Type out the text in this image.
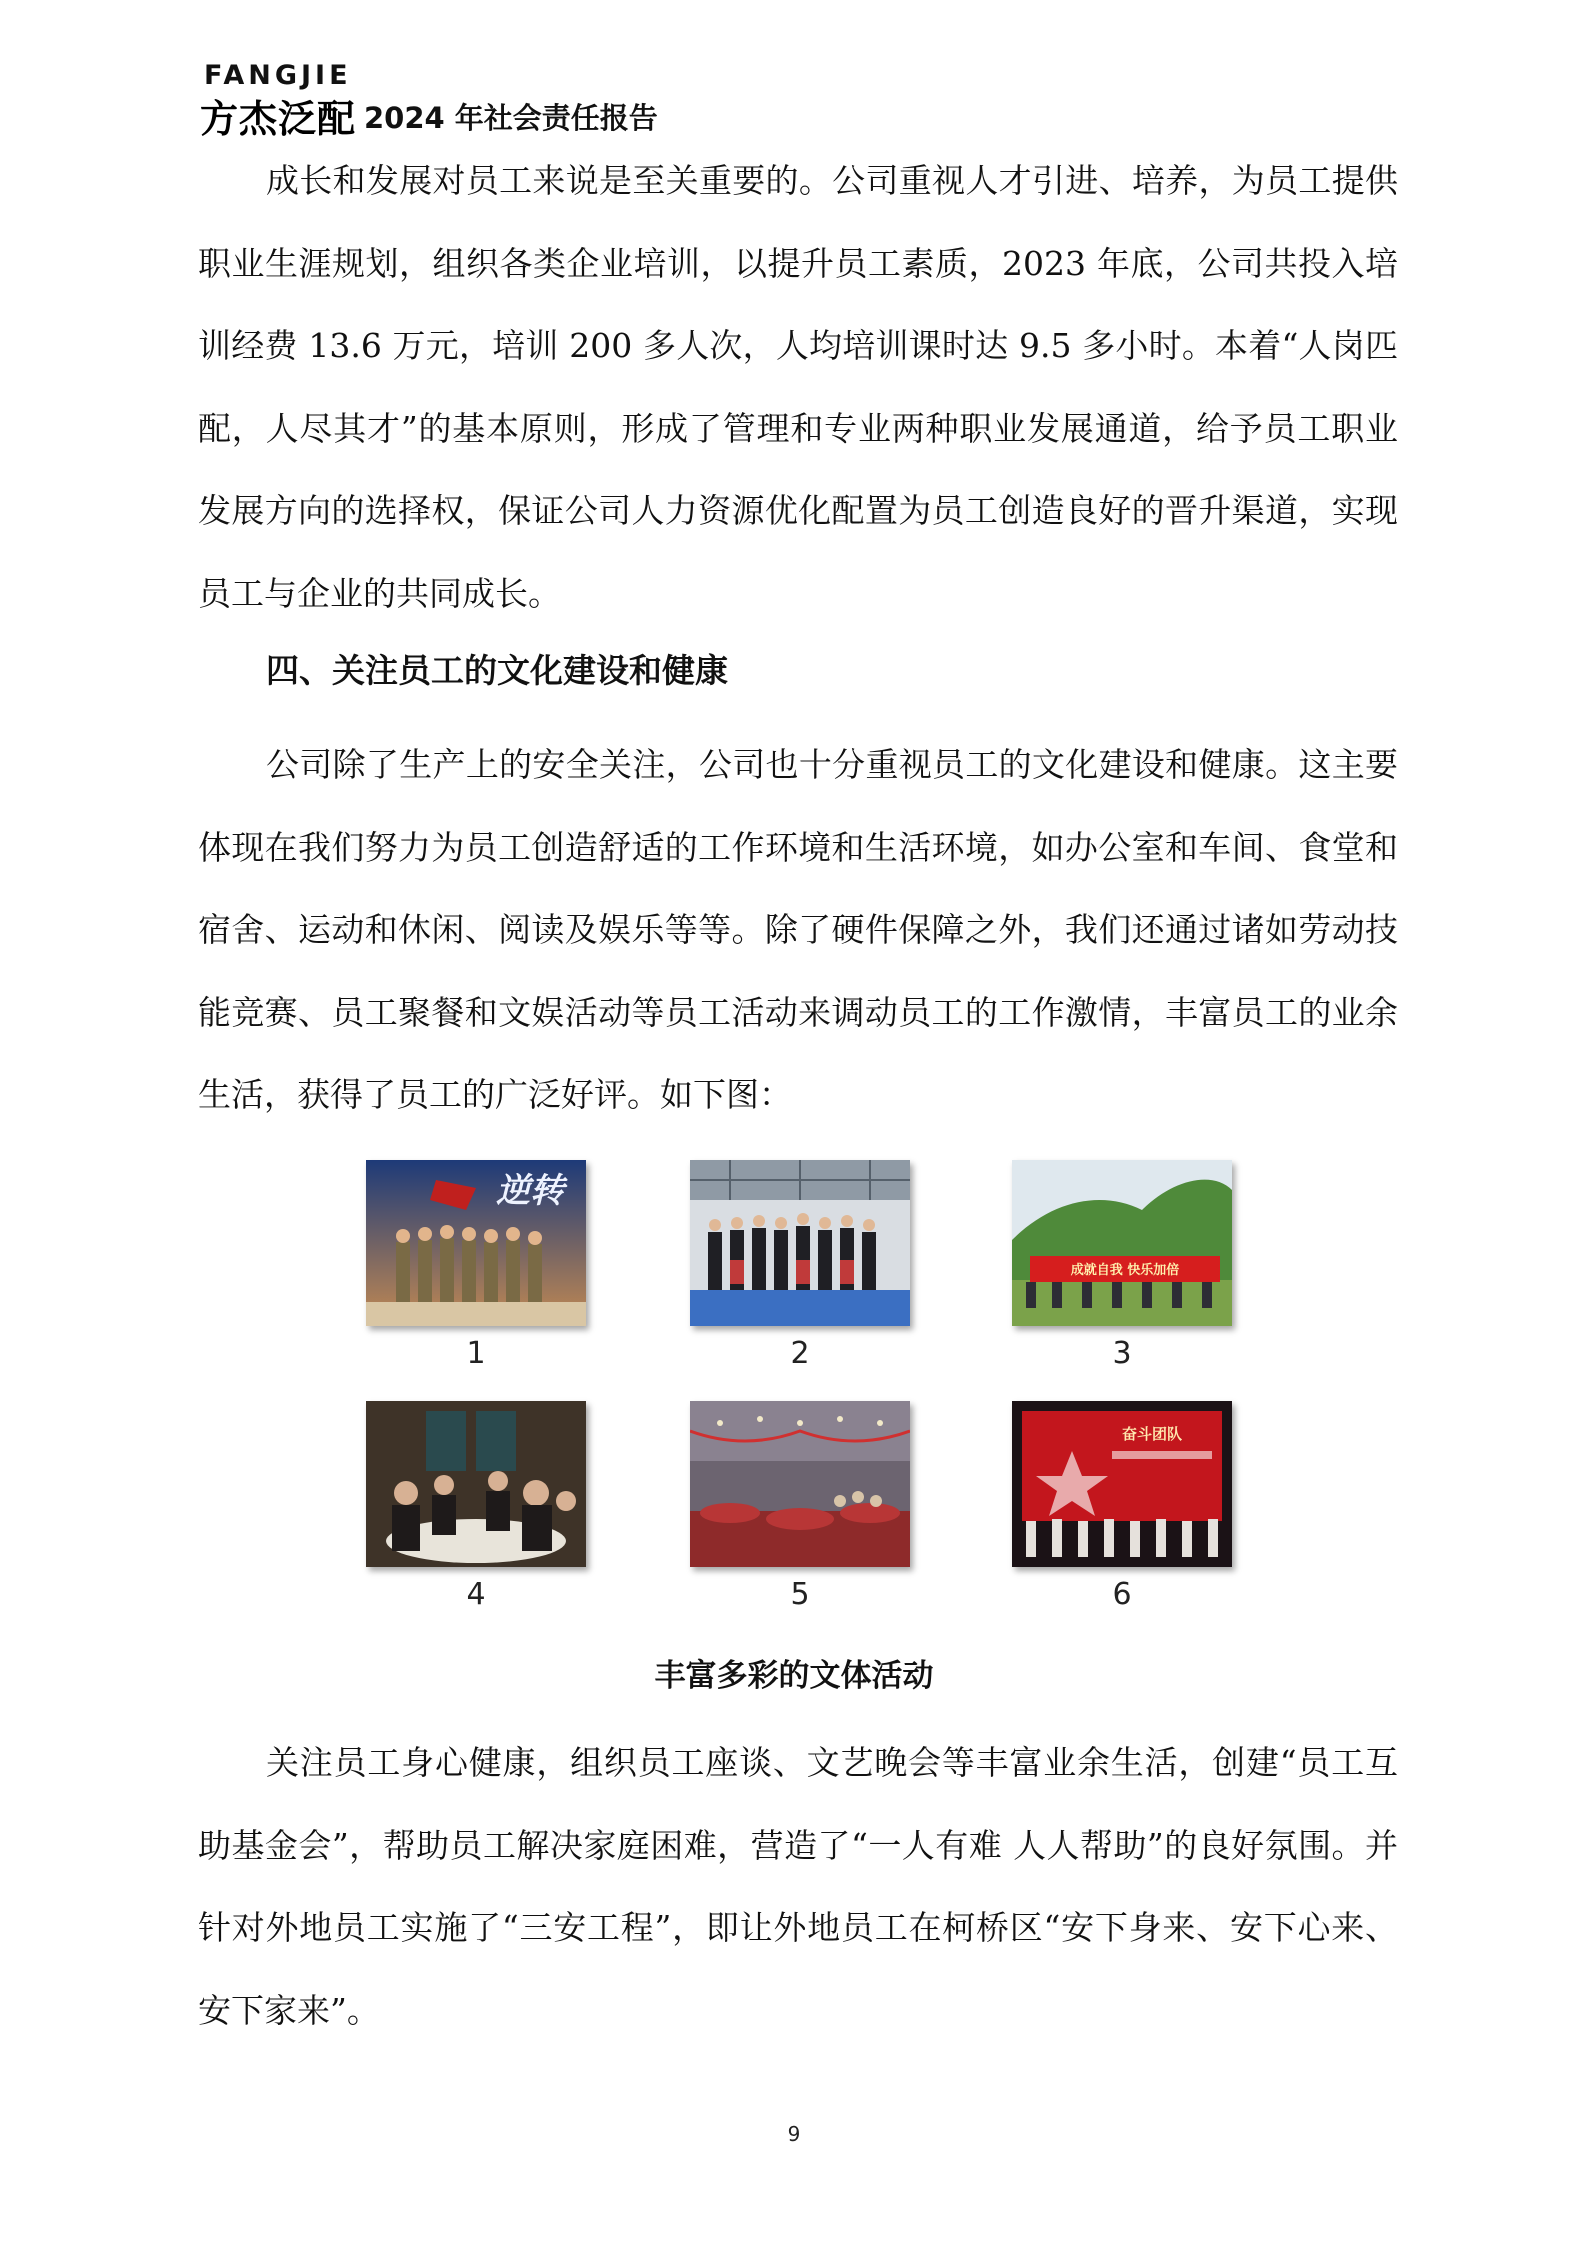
FANGJIE
方杰泛配 2024 年社会责任报告

成长和发展对员工来说是至关重要的。公司重视人才引进、培养，为员工提供职业生涯规划，组织各类企业培训，以提升员工素质，2023 年底，公司共投入培训经费 13.6 万元，培训 200 多人次，人均培训课时达 9.5 多小时。本着“人岗匹配，人尽其才”的基本原则，形成了管理和专业两种职业发展通道，给予员工职业发展方向的选择权，保证公司人力资源优化配置为员工创造良好的晋升渠道，实现员工与企业的共同成长。

四、关注员工的文化建设和健康

公司除了生产上的安全关注，公司也十分重视员工的文化建设和健康。这主要体现在我们努力为员工创造舒适的工作环境和生活环境，如办公室和车间、食堂和宿舍、运动和休闲、阅读及娱乐等等。除了硬件保障之外，我们还通过诸如劳动技能竞赛、员工聚餐和文娱活动等员工活动来调动员工的工作激情，丰富员工的业余生活，获得了员工的广泛好评。如下图：

逆转
1	2
成就自我 快乐加倍
3
4	5
奋斗团队
6
丰富多彩的文体活动

关注员工身心健康，组织员工座谈、文艺晚会等丰富业余生活，创建“员工互助基金会”，帮助员工解决家庭困难，营造了“一人有难 人人帮助”的良好氛围。并针对外地员工实施了“三安工程”，即让外地员工在柯桥区“安下身来、安下心来、安下家来”。

9
